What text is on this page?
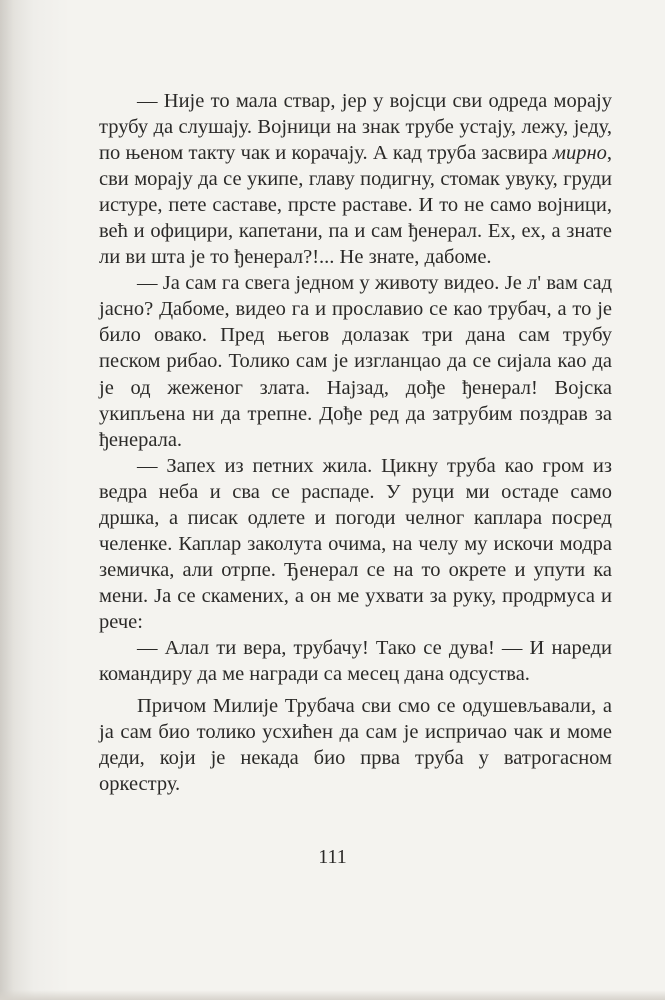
— Није то мала ствар, јер у војсци сви одреда морају трубу да слушају. Војници на знак трубе устају, лежу, једу, по њеном такту чак и корачају. А кад труба засвира мирно, сви морају да се укипе, главу подигну, стомак увуку, груди истуре, пете саставе, прсте раставе. И то не само војници, већ и официри, капетани, па и сам ђенерал. Ех, ех, а знате ли ви шта је то ђенерал?!... Не знате, дабоме.

— Ја сам га свега једном у животу видео. Је л' вам сад јасно? Дабоме, видео га и прославио се као трубач, а то је било овако. Пред његов долазак три дана сам трубу песком рибао. Толико сам је изгланцао да се сијала као да је од жеженог злата. Најзад, дође ђенерал! Војска укипљена ни да трепне. Дође ред да затрубим поздрав за ђенерала.

— Запех из петних жила. Цикну труба као гром из ведра неба и сва се распаде. У руци ми остаде само дршка, а писак одлете и погоди челног каплара посред челенке. Каплар заколута очима, на челу му искочи модра земичка, али отрпе. Ђенерал се на то окрете и упути ка мени. Ја се скамених, а он ме ухвати за руку, продрмуса и рече:

— Алал ти вера, трубачу! Тако се дува! — И нареди командиру да ме награди са месец дана одсуства.

Причом Милије Трубача сви смо се одушевљавали, а ја сам био толико усхићен да сам је испричао чак и моме деди, који је некада био прва труба у ватрогасном оркестру.

111
